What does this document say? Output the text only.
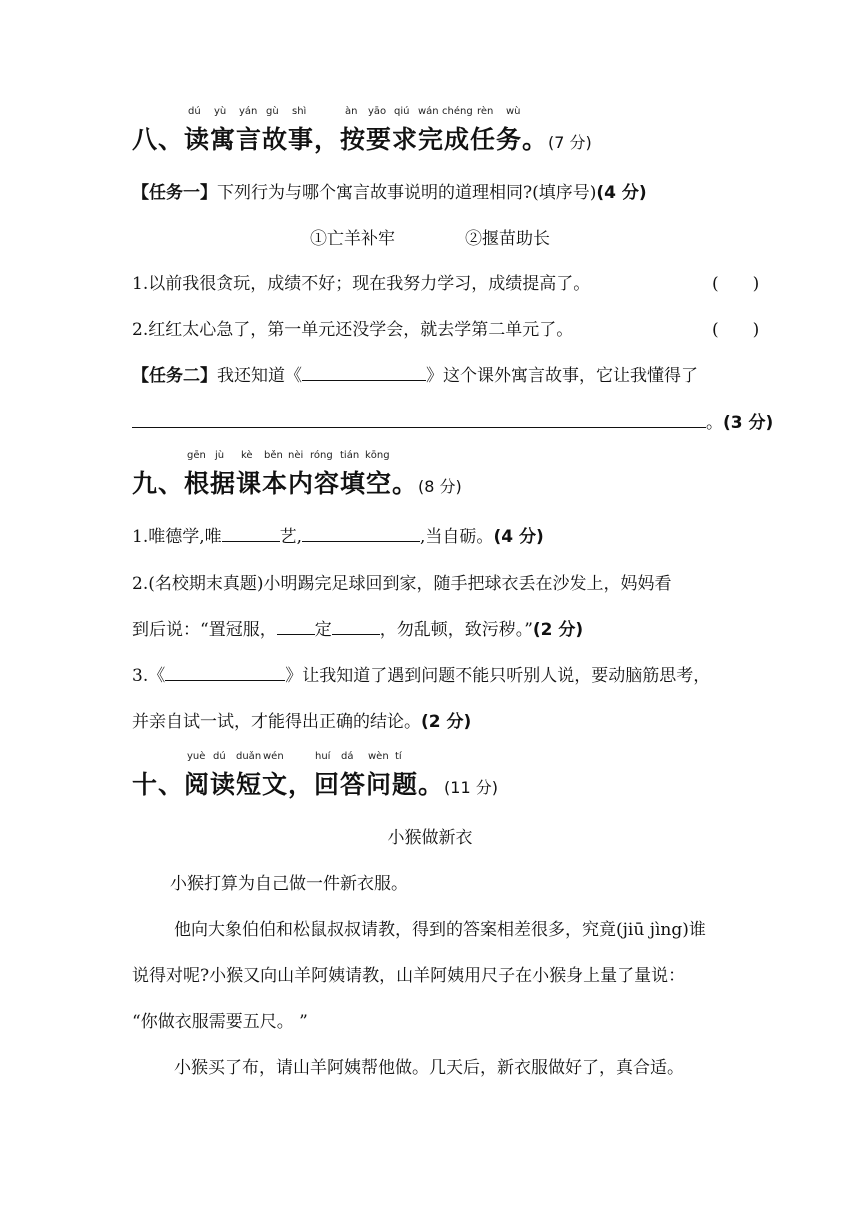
dú yù yán gù shì	àn yāo qiú wán chéng rèn wù
八、读寓言故事，按要求完成任务。(7 分)
【任务一】下列行为与哪个寓言故事说明的道理相同?(填序号)(4 分)
①亡羊补牢	②揠苗助长
1.以前我很贪玩，成绩不好；现在我努力学习，成绩提高了。	(　　)
2.红红太心急了，第一单元还没学会，就去学第二单元了。	(　　)
【任务二】我还知道《	》这个课外寓言故事，它让我懂得了
。(3 分)
gēn jù kè běn nèi róng tián kōng
九、根据课本内容填空。(8 分)
1.唯德学,唯	艺,	,当自砺。(4 分)
2.(名校期末真题)小明踢完足球回到家，随手把球衣丢在沙发上，妈妈看
到后说：“置冠服， 定	，勿乱顿，致污秽。”(2 分)
3.《	》让我知道了遇到问题不能只听别人说，要动脑筋思考，
并亲自试一试，才能得出正确的结论。(2 分)
yuè dú duǎn wén	huí dá wèn tí
十、阅读短文，回答问题。(11 分)
小猴做新衣
小猴打算为自己做一件新衣服。
他向大象伯伯和松鼠叔叔请教，得到的答案相差很多，究竟(jiū jìng)谁
说得对呢?小猴又向山羊阿姨请教，山羊阿姨用尺子在小猴身上量了量说：
“你做衣服需要五尺。 ”
小猴买了布，请山羊阿姨帮他做。几天后，新衣服做好了，真合适。
